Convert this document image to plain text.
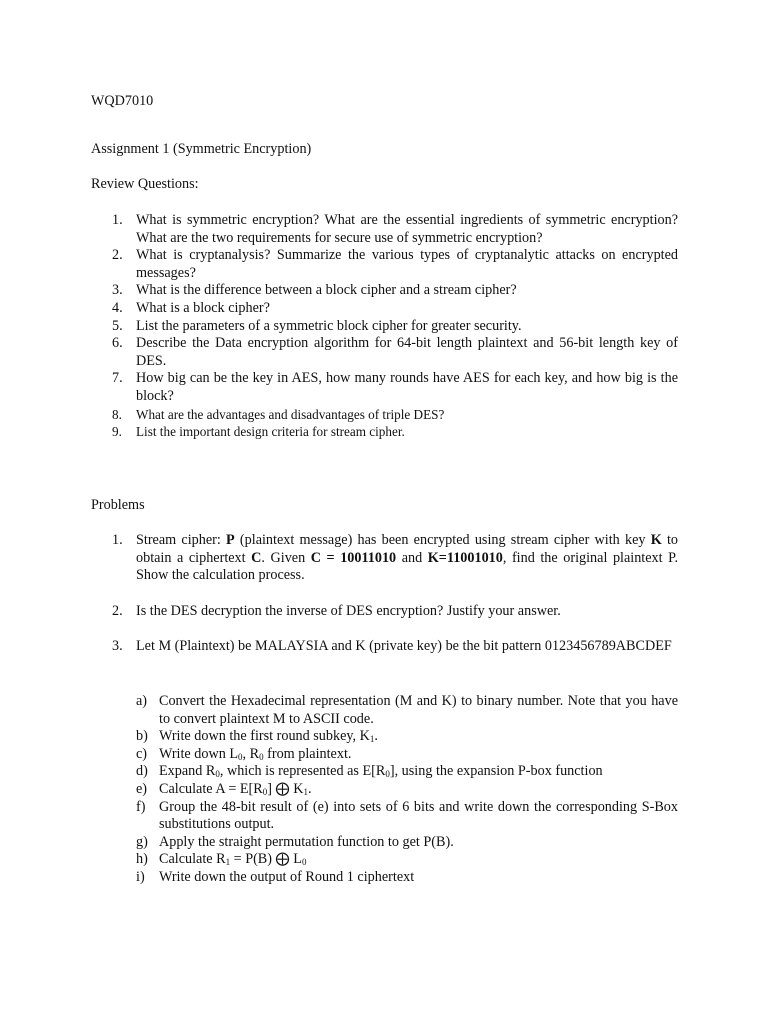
WQD7010
Assignment 1 (Symmetric Encryption)
Review Questions:
1. What is symmetric encryption? What are the essential ingredients of symmetric encryption? What are the two requirements for secure use of symmetric encryption?
2. What is cryptanalysis? Summarize the various types of cryptanalytic attacks on encrypted messages?
3. What is the difference between a block cipher and a stream cipher?
4. What is a block cipher?
5. List the parameters of a symmetric block cipher for greater security.
6. Describe the Data encryption algorithm for 64-bit length plaintext and 56-bit length key of DES.
7. How big can be the key in AES, how many rounds have AES for each key, and how big is the block?
8. What are the advantages and disadvantages of triple DES?
9. List the important design criteria for stream cipher.
Problems
1. Stream cipher: P (plaintext message) has been encrypted using stream cipher with key K to obtain a ciphertext C. Given C = 10011010 and K=11001010, find the original plaintext P. Show the calculation process.
2. Is the DES decryption the inverse of DES encryption? Justify your answer.
3. Let M (Plaintext) be MALAYSIA and K (private key) be the bit pattern 0123456789ABCDEF
a) Convert the Hexadecimal representation (M and K) to binary number. Note that you have to convert plaintext M to ASCII code.
b) Write down the first round subkey, $K_1$.
c) Write down $L_0$, $R_0$ from plaintext.
d) Expand $R_0$, which is represented as $E[R_0]$, using the expansion P-box function
e) Calculate $A = E[R_0]$ ⨁ $K_1$.
f) Group the 48-bit result of (e) into sets of 6 bits and write down the corresponding S-Box substitutions output.
g) Apply the straight permutation function to get P(B).
h) Calculate $R_1 = P(B)$ ⨁ $L_0$
i) Write down the output of Round 1 ciphertext
